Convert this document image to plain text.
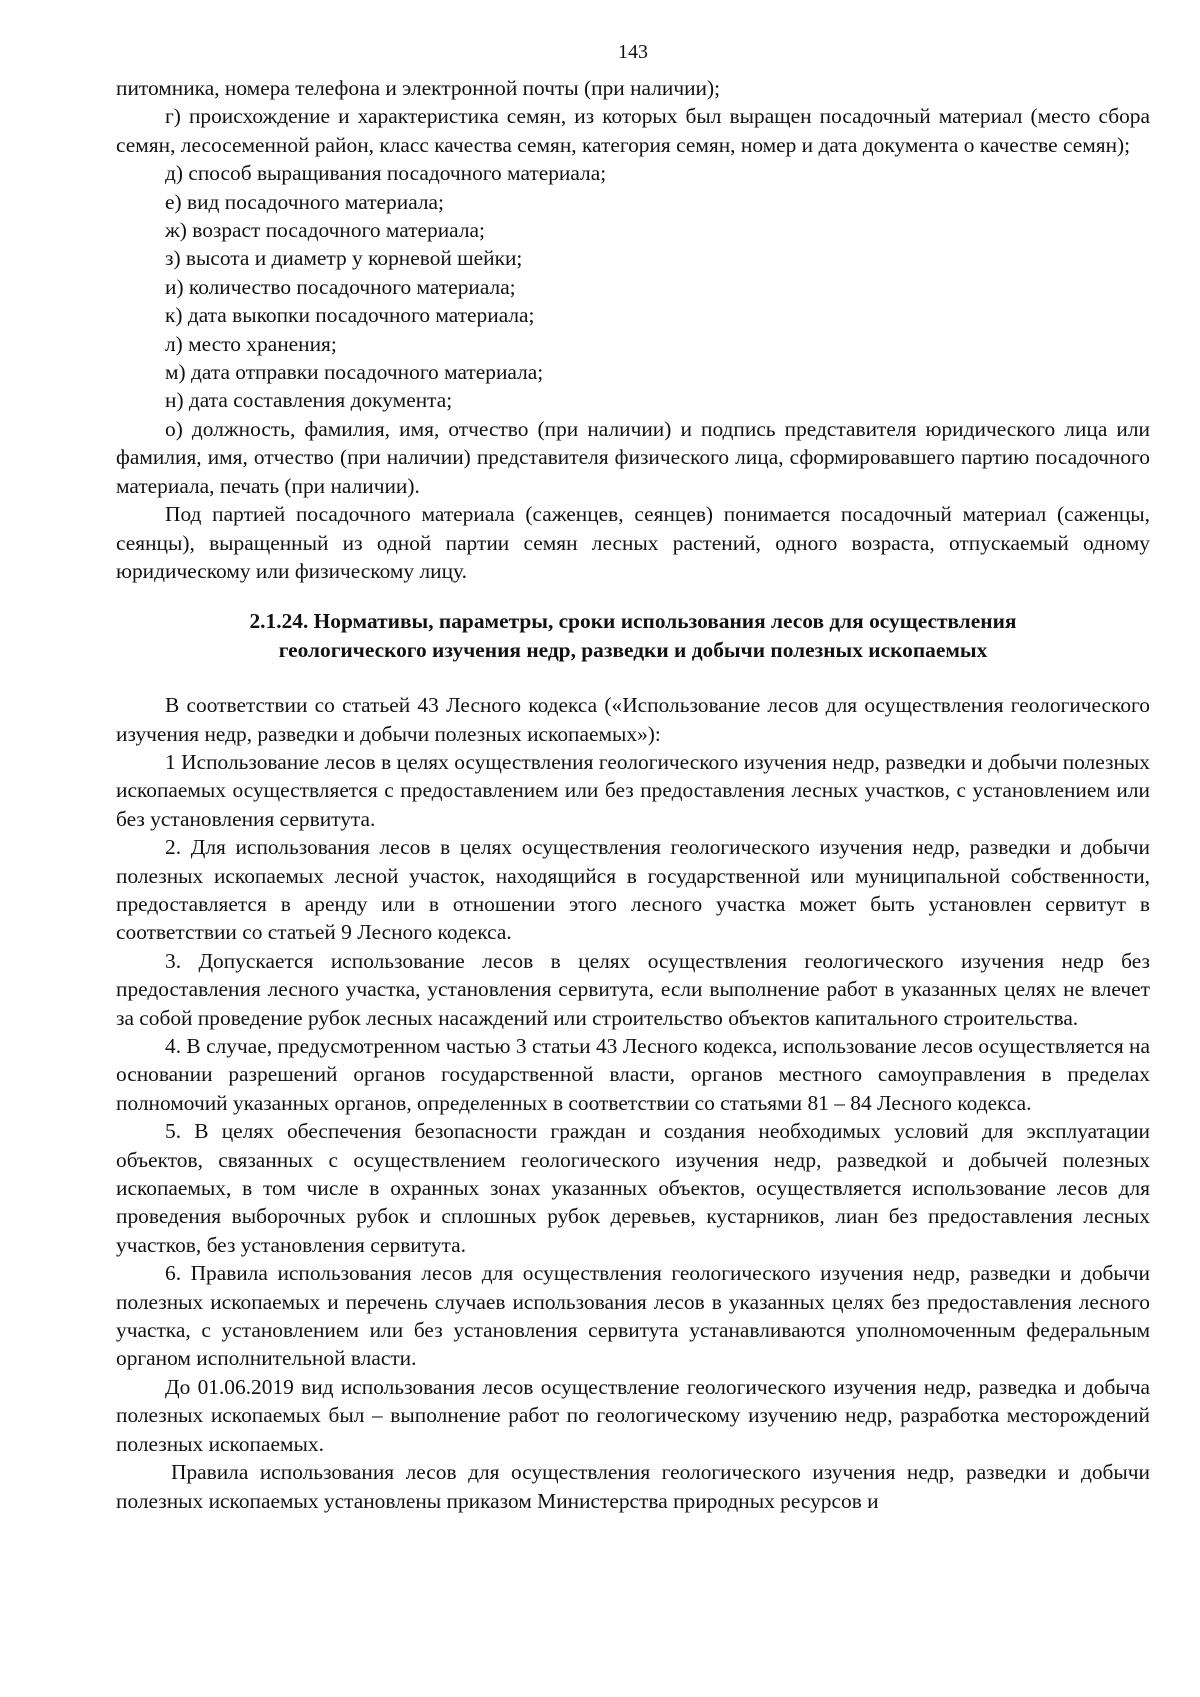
143

питомника, номера телефона и электронной почты (при наличии);

г) происхождение и характеристика семян, из которых был выращен посадочный материал (место сбора семян, лесосеменной район, класс качества семян, категория семян, номер и дата документа о качестве семян);

д) способ выращивания посадочного материала;

е) вид посадочного материала;

ж) возраст посадочного материала;

з) высота и диаметр у корневой шейки;

и) количество посадочного материала;

к) дата выкопки посадочного материала;

л) место хранения;

м) дата отправки посадочного материала;

н) дата составления документа;

о) должность, фамилия, имя, отчество (при наличии) и подпись представителя юридического лица или фамилия, имя, отчество (при наличии) представителя физического лица, сформировавшего партию посадочного материала, печать (при наличии).

Под партией посадочного материала (саженцев, сеянцев) понимается посадочный материал (саженцы, сеянцы), выращенный из одной партии семян лесных растений, одного возраста, отпускаемый одному юридическому или физическому лицу.

2.1.24. Нормативы, параметры, сроки использования лесов для осуществления
геологического изучения недр, разведки и добычи полезных ископаемых

В соответствии со статьей 43 Лесного кодекса («Использование лесов для осуществления геологического изучения недр, разведки и добычи полезных ископаемых»):

1 Использование лесов в целях осуществления геологического изучения недр, разведки и добычи полезных ископаемых осуществляется с предоставлением или без предоставления лесных участков, с установлением или без установления сервитута.

2. Для использования лесов в целях осуществления геологического изучения недр, разведки и добычи полезных ископаемых лесной участок, находящийся в государственной или муниципальной собственности, предоставляется в аренду или в отношении этого лесного участка может быть установлен сервитут в соответствии со статьей 9 Лесного кодекса.

3. Допускается использование лесов в целях осуществления геологического изучения недр без предоставления лесного участка, установления сервитута, если выполнение работ в указанных целях не влечет за собой проведение рубок лесных насаждений или строительство объектов капитального строительства.

4. В случае, предусмотренном частью 3 статьи 43 Лесного кодекса, использование лесов осуществляется на основании разрешений органов государственной власти, органов местного самоуправления в пределах полномочий указанных органов, определенных в соответствии со статьями 81 – 84 Лесного кодекса.

5. В целях обеспечения безопасности граждан и создания необходимых условий для эксплуатации объектов, связанных с осуществлением геологического изучения недр, разведкой и добычей полезных ископаемых, в том числе в охранных зонах указанных объектов, осуществляется использование лесов для проведения выборочных рубок и сплошных рубок деревьев, кустарников, лиан без предоставления лесных участков, без установления сервитута.

6. Правила использования лесов для осуществления геологического изучения недр, разведки и добычи полезных ископаемых и перечень случаев использования лесов в указанных целях без предоставления лесного участка, с установлением или без установления сервитута устанавливаются уполномоченным федеральным органом исполнительной власти.

До 01.06.2019 вид использования лесов осуществление геологического изучения недр, разведка и добыча полезных ископаемых был – выполнение работ по геологическому изучению недр, разработка месторождений полезных ископаемых.

Правила использования лесов для осуществления геологического изучения недр, разведки и добычи полезных ископаемых установлены приказом Министерства природных ресурсов и
